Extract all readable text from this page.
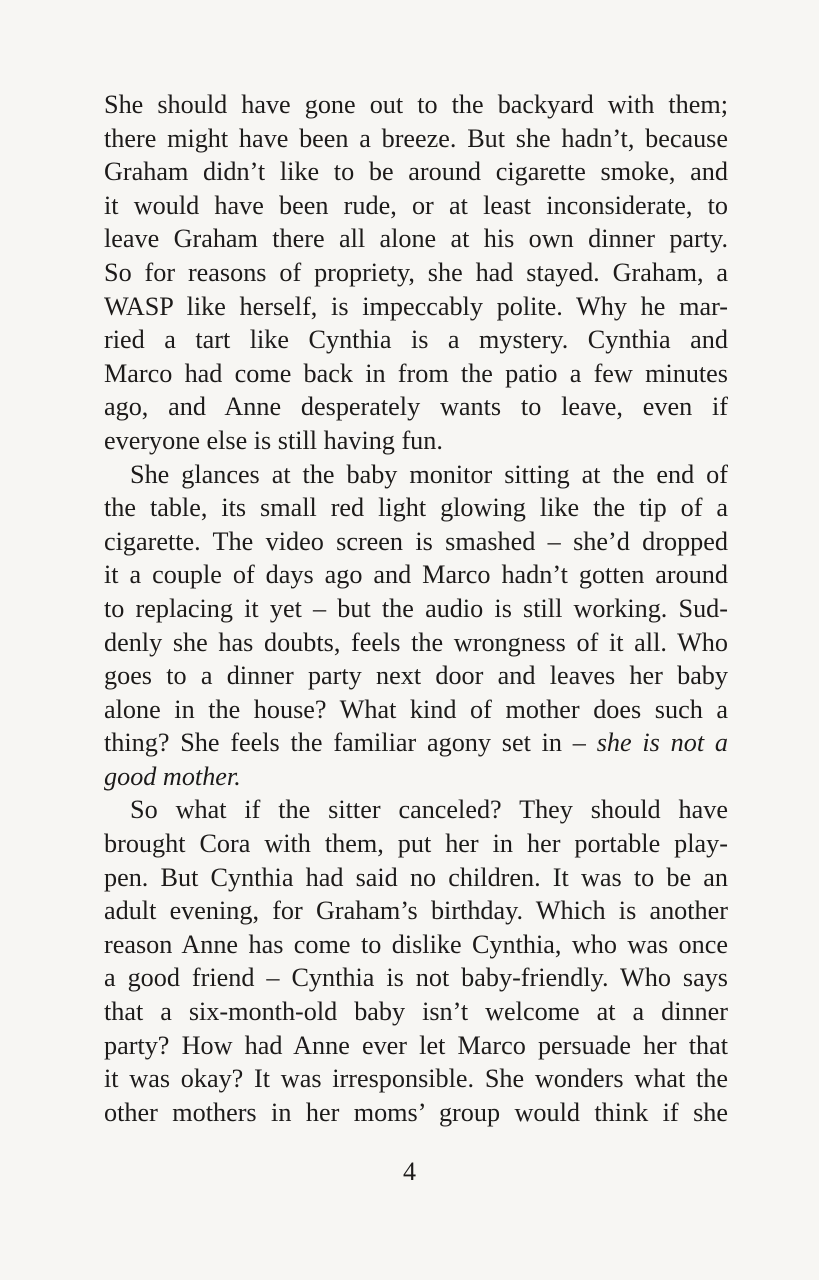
She should have gone out to the backyard with them;
there might have been a breeze. But she hadn’t, because
Graham didn’t like to be around cigarette smoke, and
it would have been rude, or at least inconsiderate, to
leave Graham there all alone at his own dinner party.
So for reasons of propriety, she had stayed. Graham, a
WASP like herself, is impeccably polite. Why he mar-
ried a tart like Cynthia is a mystery. Cynthia and
Marco had come back in from the patio a few minutes
ago, and Anne desperately wants to leave, even if
everyone else is still having fun.
She glances at the baby monitor sitting at the end of
the table, its small red light glowing like the tip of a
cigarette. The video screen is smashed – she’d dropped
it a couple of days ago and Marco hadn’t gotten around
to replacing it yet – but the audio is still working. Sud-
denly she has doubts, feels the wrongness of it all. Who
goes to a dinner party next door and leaves her baby
alone in the house? What kind of mother does such a
thing? She feels the familiar agony set in – she is not a
good mother.
So what if the sitter canceled? They should have
brought Cora with them, put her in her portable play-
pen. But Cynthia had said no children. It was to be an
adult evening, for Graham’s birthday. Which is another
reason Anne has come to dislike Cynthia, who was once
a good friend – Cynthia is not baby-friendly. Who says
that a six-month-old baby isn’t welcome at a dinner
party? How had Anne ever let Marco persuade her that
it was okay? It was irresponsible. She wonders what the
other mothers in her moms’ group would think if she
4
